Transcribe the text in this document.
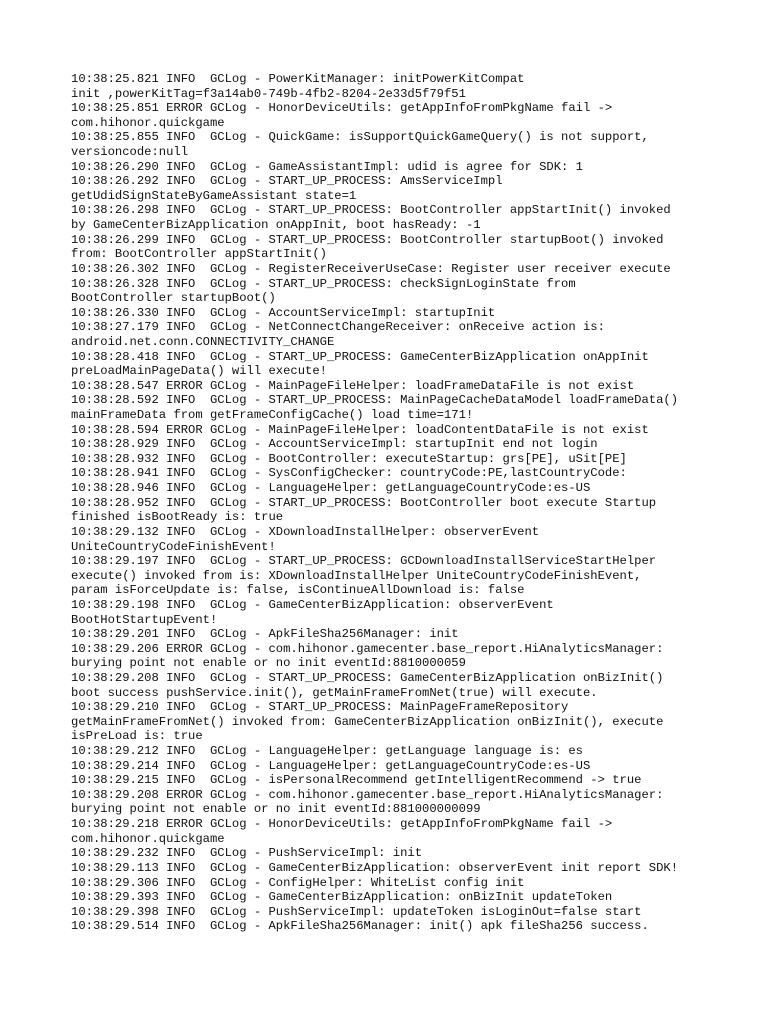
10:38:25.821 INFO  GCLog - PowerKitManager: initPowerKitCompat
init ,powerKitTag=f3a14ab0-749b-4fb2-8204-2e33d5f79f51
10:38:25.851 ERROR GCLog - HonorDeviceUtils: getAppInfoFromPkgName fail ->
com.hihonor.quickgame
10:38:25.855 INFO  GCLog - QuickGame: isSupportQuickGameQuery() is not support,
versioncode:null
10:38:26.290 INFO  GCLog - GameAssistantImpl: udid is agree for SDK: 1
10:38:26.292 INFO  GCLog - START_UP_PROCESS: AmsServiceImpl
getUdidSignStateByGameAssistant state=1
10:38:26.298 INFO  GCLog - START_UP_PROCESS: BootController appStartInit() invoked
by GameCenterBizApplication onAppInit, boot hasReady: -1
10:38:26.299 INFO  GCLog - START_UP_PROCESS: BootController startupBoot() invoked
from: BootController appStartInit()
10:38:26.302 INFO  GCLog - RegisterReceiverUseCase: Register user receiver execute
10:38:26.328 INFO  GCLog - START_UP_PROCESS: checkSignLoginState from
BootController startupBoot()
10:38:26.330 INFO  GCLog - AccountServiceImpl: startupInit
10:38:27.179 INFO  GCLog - NetConnectChangeReceiver: onReceive action is:
android.net.conn.CONNECTIVITY_CHANGE
10:38:28.418 INFO  GCLog - START_UP_PROCESS: GameCenterBizApplication onAppInit
preLoadMainPageData() will execute!
10:38:28.547 ERROR GCLog - MainPageFileHelper: loadFrameDataFile is not exist
10:38:28.592 INFO  GCLog - START_UP_PROCESS: MainPageCacheDataModel loadFrameData()
mainFrameData from getFrameConfigCache() load time=171!
10:38:28.594 ERROR GCLog - MainPageFileHelper: loadContentDataFile is not exist
10:38:28.929 INFO  GCLog - AccountServiceImpl: startupInit end not login
10:38:28.932 INFO  GCLog - BootController: executeStartup: grs[PE], uSit[PE]
10:38:28.941 INFO  GCLog - SysConfigChecker: countryCode:PE,lastCountryCode:
10:38:28.946 INFO  GCLog - LanguageHelper: getLanguageCountryCode:es-US
10:38:28.952 INFO  GCLog - START_UP_PROCESS: BootController boot execute Startup
finished isBootReady is: true
10:38:29.132 INFO  GCLog - XDownloadInstallHelper: observerEvent
UniteCountryCodeFinishEvent!
10:38:29.197 INFO  GCLog - START_UP_PROCESS: GCDownloadInstallServiceStartHelper
execute() invoked from is: XDownloadInstallHelper UniteCountryCodeFinishEvent,
param isForceUpdate is: false, isContinueAllDownload is: false
10:38:29.198 INFO  GCLog - GameCenterBizApplication: observerEvent
BootHotStartupEvent!
10:38:29.201 INFO  GCLog - ApkFileSha256Manager: init
10:38:29.206 ERROR GCLog - com.hihonor.gamecenter.base_report.HiAnalyticsManager:
burying point not enable or no init eventId:8810000059
10:38:29.208 INFO  GCLog - START_UP_PROCESS: GameCenterBizApplication onBizInit()
boot success pushService.init(), getMainFrameFromNet(true) will execute.
10:38:29.210 INFO  GCLog - START_UP_PROCESS: MainPageFrameRepository
getMainFrameFromNet() invoked from: GameCenterBizApplication onBizInit(), execute
isPreLoad is: true
10:38:29.212 INFO  GCLog - LanguageHelper: getLanguage language is: es
10:38:29.214 INFO  GCLog - LanguageHelper: getLanguageCountryCode:es-US
10:38:29.215 INFO  GCLog - isPersonalRecommend getIntelligentRecommend -> true
10:38:29.208 ERROR GCLog - com.hihonor.gamecenter.base_report.HiAnalyticsManager:
burying point not enable or no init eventId:881000000099
10:38:29.218 ERROR GCLog - HonorDeviceUtils: getAppInfoFromPkgName fail ->
com.hihonor.quickgame
10:38:29.232 INFO  GCLog - PushServiceImpl: init
10:38:29.113 INFO  GCLog - GameCenterBizApplication: observerEvent init report SDK!
10:38:29.306 INFO  GCLog - ConfigHelper: WhiteList config init
10:38:29.393 INFO  GCLog - GameCenterBizApplication: onBizInit updateToken
10:38:29.398 INFO  GCLog - PushServiceImpl: updateToken isLoginOut=false start
10:38:29.514 INFO  GCLog - ApkFileSha256Manager: init() apk fileSha256 success.
